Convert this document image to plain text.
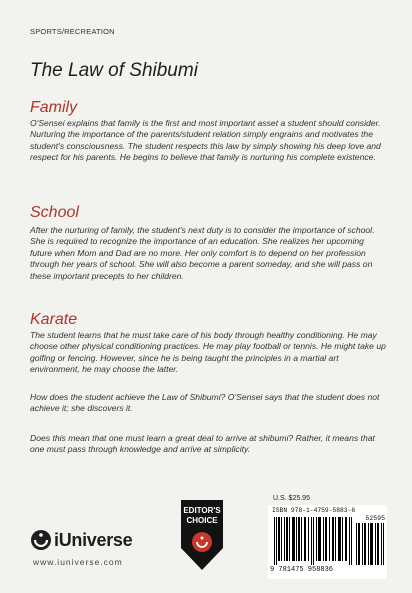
SPORTS/RECREATION
The Law of Shibumi
Family
O'Sensei explains that family is the first and most important asset a student should consider. Nurturing the importance of the parents/student relation simply engrains and motivates the student's consciousness. The student respects this law by simply showing his deep love and respect for his parents. He begins to believe that family is nurturing his complete existence.
School
After the nurturing of family, the student's next duty is to consider the importance of school. She is required to recognize the importance of an education. She realizes her upcoming future when Mom and Dad are no more. Her only comfort is to depend on her profession through her years of school. She will also become a parent someday, and she will pass on these important precepts to her children.
Karate
The student learns that he must take care of his body through healthy conditioning. He may choose other physical conditioning practices. He may play football or tennis. He might take up golfing or fencing. However, since he is being taught the principles in a martial art environment, he may choose the latter.
How does the student achieve the Law of Shibumi? O'Sensei says that the student does not achieve it; she discovers it.
Does this mean that one must learn a great deal to arrive at shibumi? Rather, it means that one must pass through knowledge and arrive at simplicity.
iUniverse
www.iuniverse.com
EDITOR'S
CHOICE
U.S. $25.95
ISBN 978-1-4759-5883-6
52595
9 781475 958836
